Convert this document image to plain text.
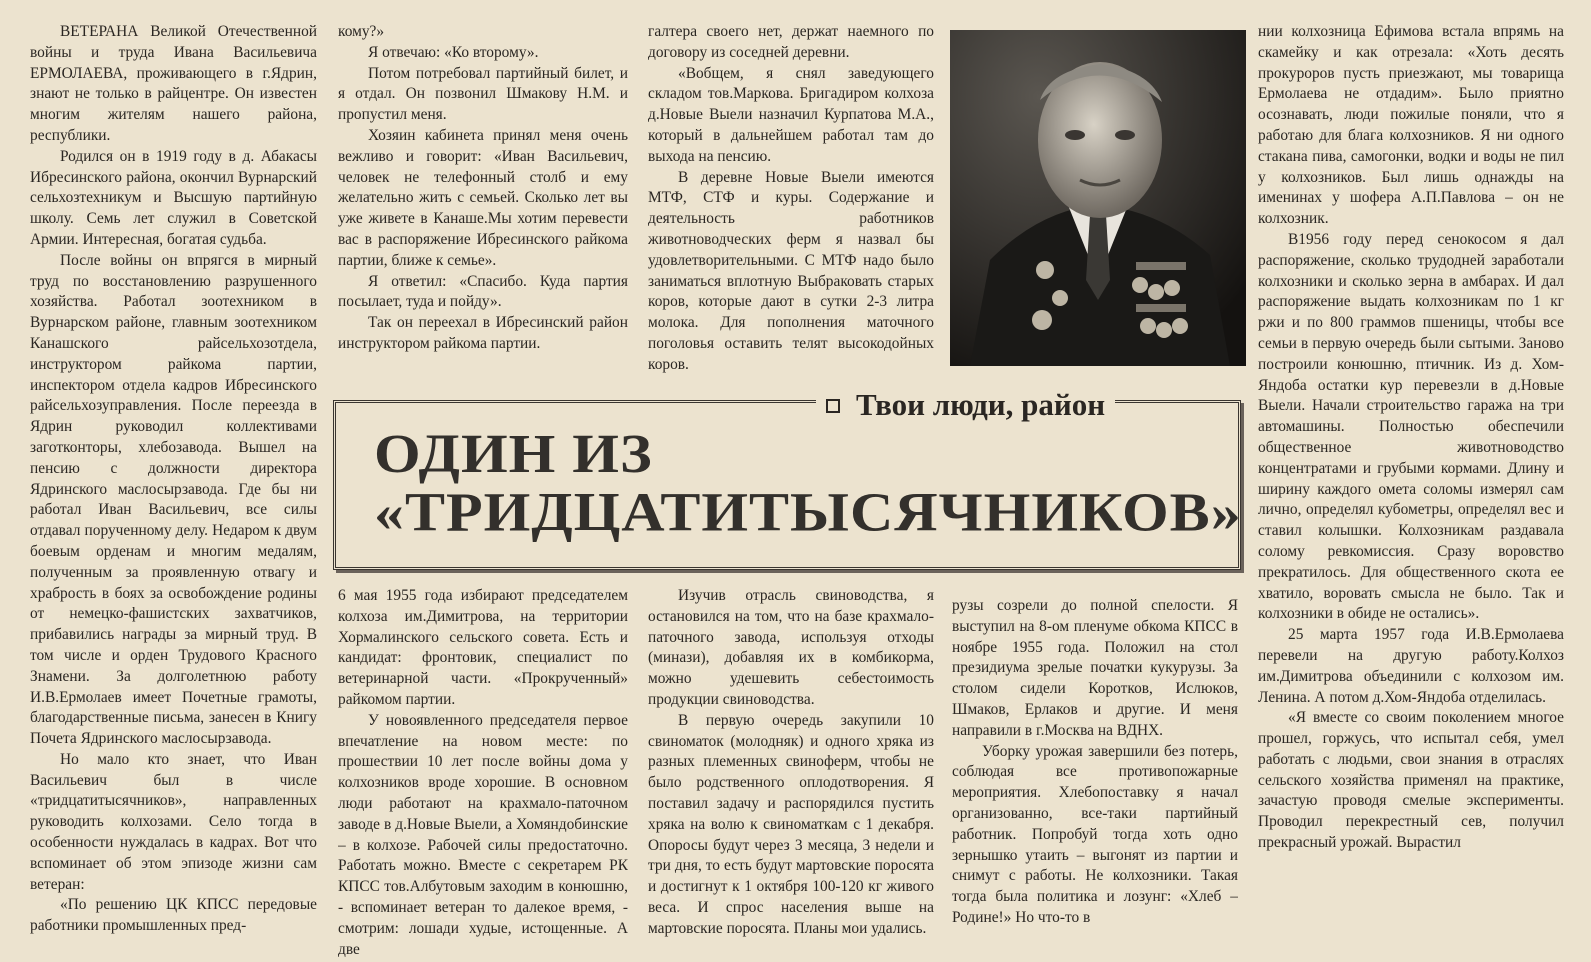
ВЕТЕРАНА Великой Отечественной войны и труда Ивана Васильевича ЕРМОЛАЕВА, проживающего в г.Ядрин, знают не только в райцентре. Он известен многим жителям нашего района, республики.

Родился он в 1919 году в д. Абакасы Ибресинского района, окончил Вурнарский сельхозтехникум и Высшую партийную школу. Семь лет служил в Советской Армии. Интересная, богатая судьба.

После войны он впрягся в мирный труд по восстановлению разрушенного хозяйства. Работал зоотехником в Вурнарском районе, главным зоотехником Канашского райсельхозотдела, инструктором райкома партии, инспектором отдела кадров Ибресинского райсельхозуправления. После переезда в Ядрин руководил коллективами заготконторы, хлебозавода. Вышел на пенсию с должности директора Ядринского маслосырзавода. Где бы ни работал Иван Васильевич, все силы отдавал порученному делу. Недаром к двум боевым орденам и многим медалям, полученным за проявленную отвагу и храбрость в боях за освобождение родины от немецко-фашистских захватчиков, прибавились награды за мирный труд. В том числе и орден Трудового Красного Знамени. За долголетнюю работу И.В.Ермолаев имеет Почетные грамоты, благодарственные письма, занесен в Книгу Почета Ядринского маслосырзавода.

Но мало кто знает, что Иван Васильевич был в числе «тридцатитысячников», направленных руководить колхозами. Село тогда в особенности нуждалась в кадрах. Вот что вспоминает об этом эпизоде жизни сам ветеран:

«По решению ЦК КПСС передовые работники промышленных пред-

кому?»

Я отвечаю: «Ко второму».

Потом потребовал партийный билет, и я отдал. Он позвонил Шмакову Н.М. и пропустил меня.

Хозяин кабинета принял меня очень вежливо и говорит: «Иван Васильевич, человек не телефонный столб и ему желательно жить с семьей. Сколько лет вы уже живете в Канаше.Мы хотим перевести вас в распоряжение Ибресинского райкома партии, ближе к семье».

Я ответил: «Спасибо. Куда партия посылает, туда и пойду».

Так он переехал в Ибресинский район инструктором райкома партии.

галтера своего нет, держат наемного по договору из соседней деревни.

«Вобщем, я снял заведующего складом тов.Маркова. Бригадиром колхоза д.Новые Выели назначил Курпатова М.А., который в дальнейшем работал там до выхода на пенсию.

В деревне Новые Выели имеются МТФ, СТФ и куры. Содержание и деятельность работников животноводческих ферм я назвал бы удовлетворительными. С МТФ надо было заниматься вплотную Выбраковать старых коров, которые дают в сутки 2-3 литра молока. Для пополнения маточного поголовья оставить телят высокодойных коров.

Твои люди, район
ОДИН ИЗ
«ТРИДЦАТИТЫСЯЧНИКОВ»

нии колхозница Ефимова встала впрямь на скамейку и как отрезала: «Хоть десять прокуроров пусть приезжают, мы товарища Ермолаева не отдадим». Было приятно осознавать, люди пожилые поняли, что я работаю для блага колхозников. Я ни одного стакана пива, самогонки, водки и воды не пил у колхозников. Был лишь однажды на именинах у шофера А.П.Павлова – он не колхозник.

В1956 году перед сенокосом я дал распоряжение, сколько трудодней заработали колхозники и сколько зерна в амбарах. И дал распоряжение выдать колхозникам по 1 кг ржи и по 800 граммов пшеницы, чтобы все семьи в первую очередь были сытыми. Заново построили конюшню, птичник. Из д. Хом-Яндоба остатки кур перевезли в д.Новые Выели. Начали строительство гаража на три автомашины. Полностью обеспечили общественное животноводство концентратами и грубыми кормами. Длину и ширину каждого омета соломы измерял сам лично, определял кубометры, определял вес и ставил колышки. Колхозникам раздавала солому ревкомиссия. Сразу воровство прекратилось. Для общественного скота ее хватило, воровать смысла не было. Так и колхозники в обиде не остались».

25 марта 1957 года И.В.Ермолаева перевели на другую работу.Колхоз им.Димитрова объединили с колхозом им. Ленина. А потом д.Хом-Яндоба отделилась.

«Я вместе со своим поколением многое прошел, горжусь, что испытал себя, умел работать с людьми, свои знания в отраслях сельского хозяйства применял на практике, зачастую проводя смелые эксперименты. Проводил перекрестный сев, получил прекрасный урожай. Вырастил

6 мая 1955 года избирают председателем колхоза им.Димитрова, на территории Хормалинского сельского совета. Есть и кандидат: фронтовик, специалист по ветеринарной части. «Прокрученный» райкомом партии.

У новоявленного председателя первое впечатление на новом месте: по прошествии 10 лет после войны дома у колхозников вроде хорошие. В основном люди работают на крахмало-паточном заводе в д.Новые Выели, а Хомяндобинские – в колхозе. Рабочей силы предостаточно. Работать можно. Вместе с секретарем РК КПСС тов.Албутовым заходим в конюшню, - вспоминает ветеран то далекое время, - смотрим: лошади худые, истощенные. А две

Изучив отрасль свиноводства, я остановился на том, что на базе крахмало-паточного завода, используя отходы (минази), добавляя их в комбикорма, можно удешевить себестоимость продукции свиноводства.

В первую очередь закупили 10 свиноматок (молодняк) и одного хряка из разных племенных свиноферм, чтобы не было родственного оплодотворения. Я поставил задачу и распорядился пустить хряка на волю к свиноматкам с 1 декабря. Опоросы будут через 3 месяца, 3 недели и три дня, то есть будут мартовские поросята и достигнут к 1 октября 100-120 кг живого веса. И спрос населения выше на мартовские поросята. Планы мои удались.

рузы созрели до полной спелости. Я выступил на 8-ом пленуме обкома КПСС в ноябре 1955 года. Положил на стол президиума зрелые початки кукурузы. За столом сидели Коротков, Ислюков, Шмаков, Ерлаков и другие. И меня направили в г.Москва на ВДНХ.

Уборку урожая завершили без потерь, соблюдая все противопожарные мероприятия. Хлебопоставку я начал организованно, все-таки партийный работник. Попробуй тогда хоть одно зернышко утаить – выгонят из партии и снимут с работы. Не колхозники. Такая тогда была политика и лозунг: «Хлеб – Родине!» Но что-то в
